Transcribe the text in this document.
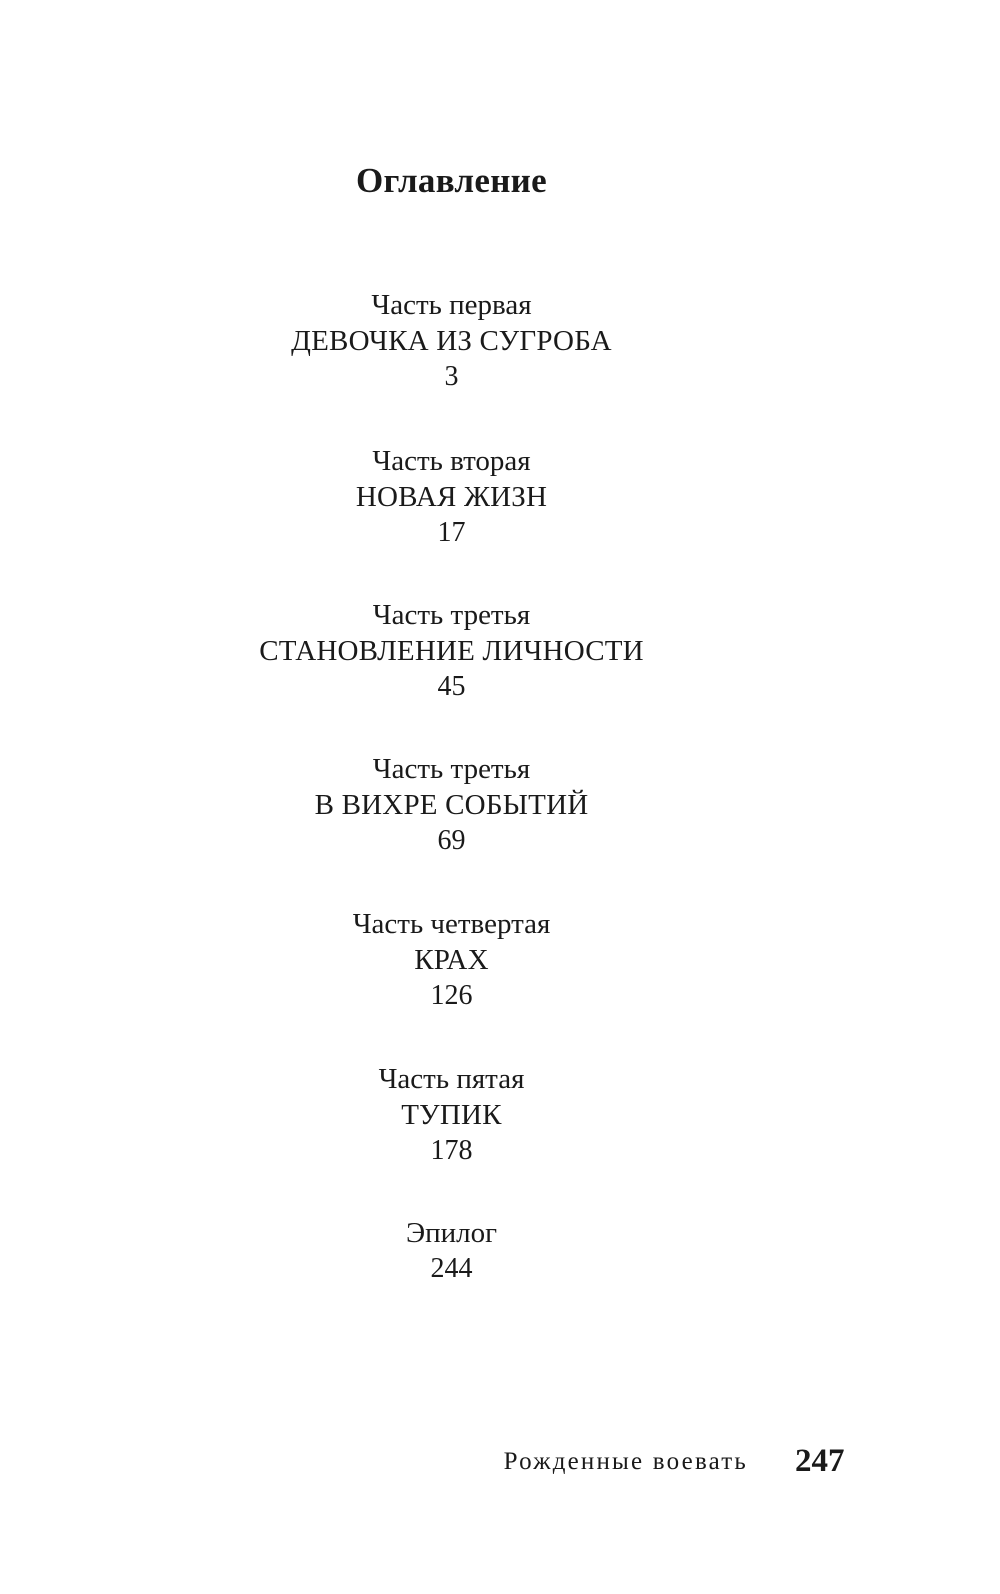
Оглавление
Часть первая
ДЕВОЧКА ИЗ СУГРОБА
3
Часть вторая
НОВАЯ ЖИЗН
17
Часть третья
СТАНОВЛЕНИЕ ЛИЧНОСТИ
45
Часть третья
В ВИХРЕ СОБЫТИЙ
69
Часть четвертая
КРАХ
126
Часть пятая
ТУПИК
178
Эпилог
244
Рожденные воевать 247
